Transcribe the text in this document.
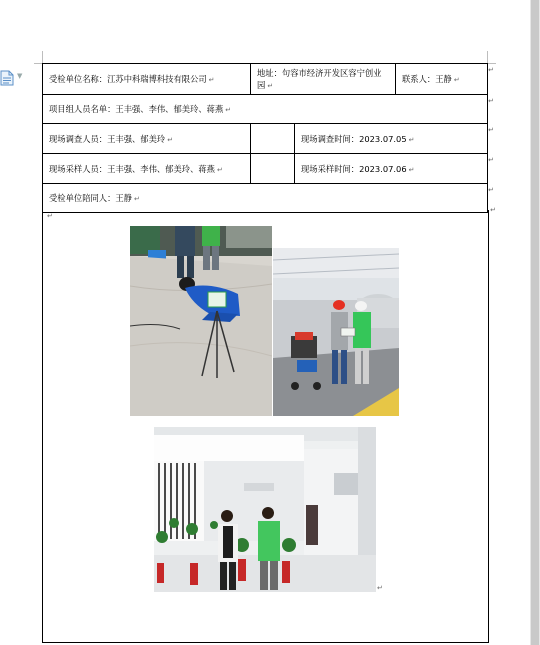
▼	受检单位名称：江苏中科瑞博科技有限公司 ↵	地址：句容市经济开发区容宁创业园 ↵	联系人：王静 ↵
↵

项目组人员名单：王丰强、李伟、郁美玲、蒋燕 ↵
↵		

现场调查人员：王丰强、郁美玲 ↵	现场调查时间：2023.07.05 ↵
↵	

现场采样人员：王丰强、李伟、郁美玲、蒋燕 ↵	现场采样时间：2023.07.06 ↵
↵	

受检单位陪同人：王静 ↵
↵		
↵
↵
↵
